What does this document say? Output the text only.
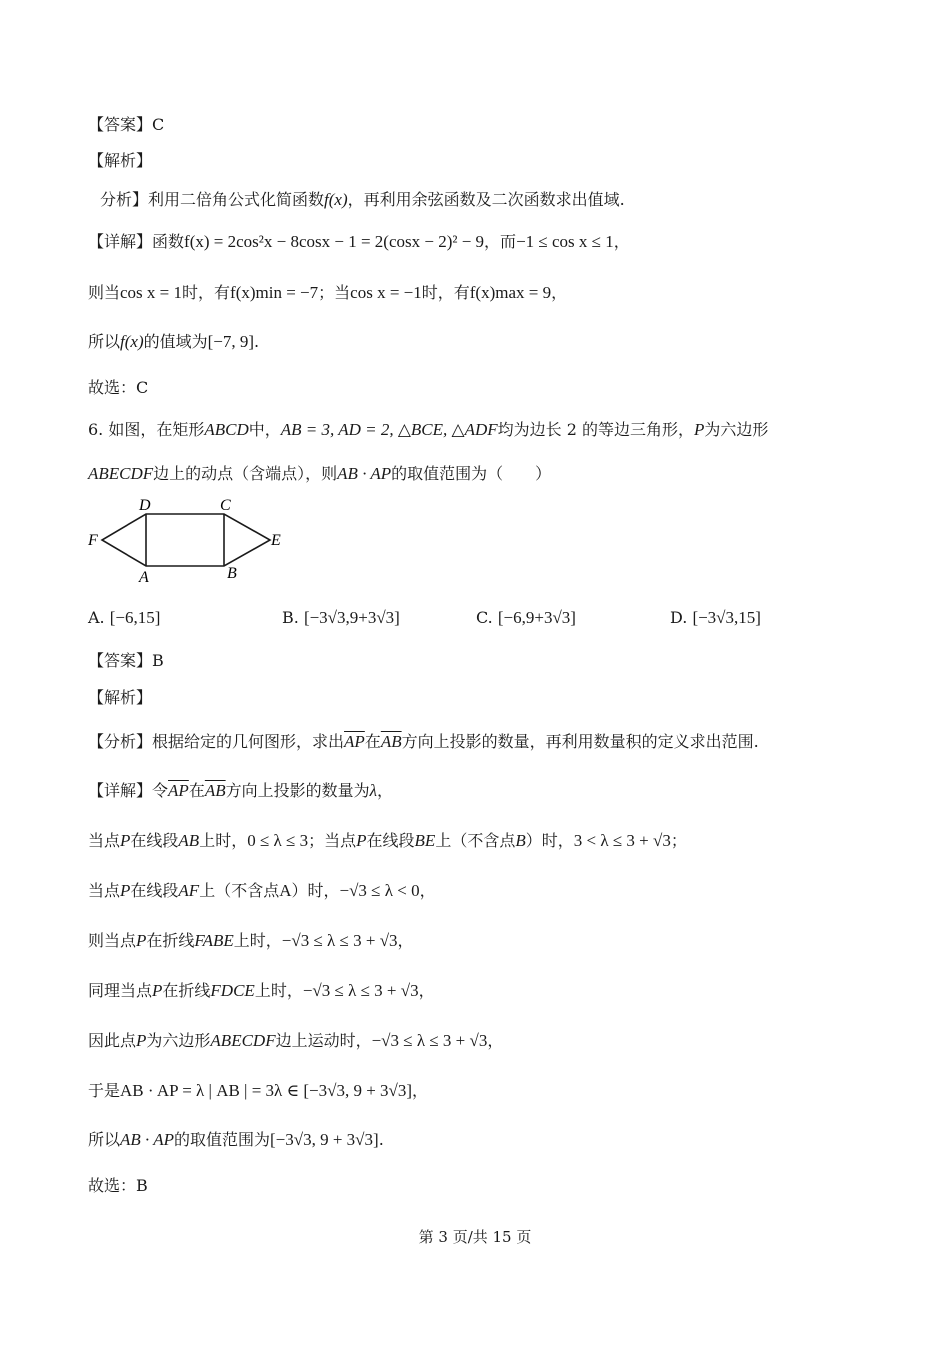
【答案】C
【解析】
分析】利用二倍角公式化简函数f(x)，再利用余弦函数及二次函数求出值域.
【详解】函数f(x) = 2cos²x − 8cosx − 1 = 2(cosx − 2)² − 9，而−1 ≤ cos x ≤ 1，
则当cos x = 1时，有f(x)min = −7；当cos x = −1时，有f(x)max = 9，
所以f(x)的值域为[−7, 9].
故选：C
6. 如图，在矩形ABCD中，AB = 3, AD = 2, △BCE, △ADF均为边长 2 的等边三角形，P为六边形
ABECDF边上的动点（含端点），则AB · AP的取值范围为（　　）
D	C
F	E
A	B
A. [−6,15]	B. [−3√3,9+3√3]	C. [−6,9+3√3]	D. [−3√3,15]
【答案】B
【解析】
【分析】根据给定的几何图形，求出$\overline{AP}$在$\overline{AB}$方向上投影的数量，再利用数量积的定义求出范围.
【详解】令$\overline{AP}$在$\overline{AB}$方向上投影的数量为λ，
当点P在线段AB上时，0 ≤ λ ≤ 3；当点P在线段BE上（不含点B）时，3 < λ ≤ 3 + √3；
当点P在线段AF上（不含点A）时，−√3 ≤ λ < 0，
则当点P在折线FABE上时，−√3 ≤ λ ≤ 3 + √3，
同理当点P在折线FDCE上时，−√3 ≤ λ ≤ 3 + √3，
因此点P为六边形ABECDF边上运动时，−√3 ≤ λ ≤ 3 + √3，
于是AB · AP = λ | AB | = 3λ ∈ [−3√3, 9 + 3√3]，
所以AB · AP的取值范围为[−3√3, 9 + 3√3].
故选：B
第 3 页/共 15 页
